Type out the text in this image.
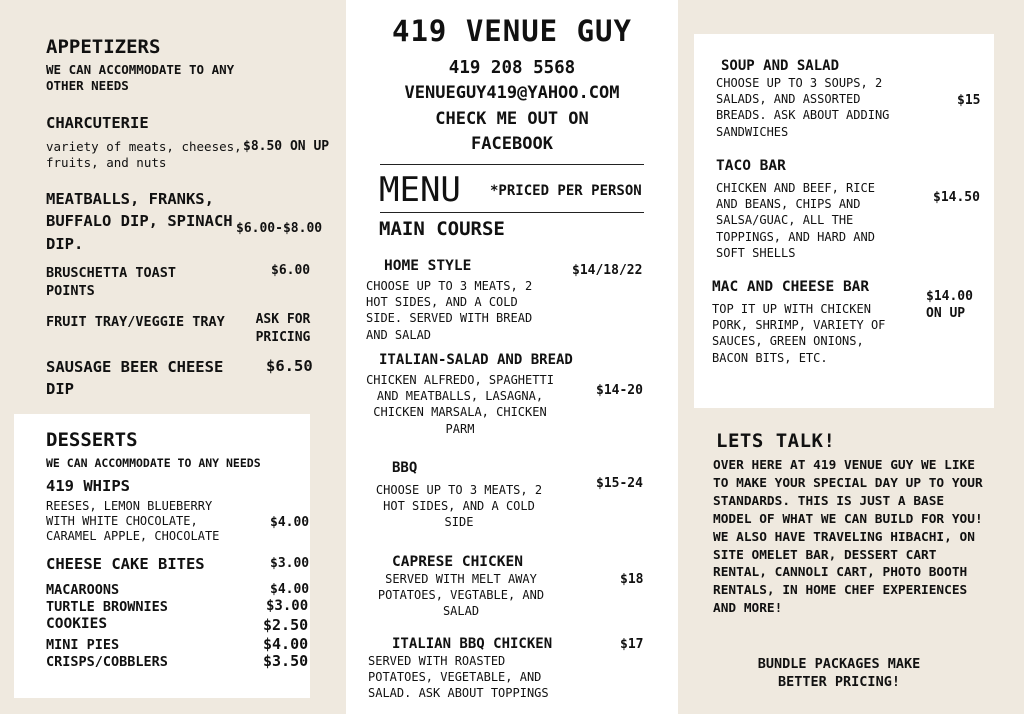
APPETIZERS
WE CAN ACCOMMODATE TO ANY OTHER NEEDS
CHARCUTERIE
variety of meats, cheeses, fruits, and nuts
$8.50 ON UP
MEATBALLS, FRANKS, BUFFALO DIP, SPINACH DIP.
$6.00-$8.00
BRUSCHETTA TOAST POINTS
$6.00
FRUIT TRAY/VEGGIE TRAY	ASK FOR PRICING
SAUSAGE BEER CHEESE DIP
$6.50
DESSERTS
WE CAN ACCOMMODATE TO ANY NEEDS
419 WHIPS
REESES, LEMON BLUEBERRY WITH WHITE CHOCOLATE, CARAMEL APPLE, CHOCOLATE
$4.00
CHEESE CAKE BITES	$3.00
MACAROONS	$4.00
TURTLE BROWNIES	$3.00
COOKIES	$2.50
MINI PIES	$4.00
CRISPS/COBBLERS	$3.50
419 VENUE GUY
419 208 5568
VENUEGUY419@YAHOO.COM
CHECK ME OUT ON FACEBOOK
MENU *PRICED PER PERSON
MAIN COURSE
HOME STYLE	$14/18/22
CHOOSE UP TO 3 MEATS, 2 HOT SIDES, AND A COLD SIDE. SERVED WITH BREAD AND SALAD
ITALIAN-SALAD AND BREAD
CHICKEN ALFREDO, SPAGHETTI AND MEATBALLS, LASAGNA, CHICKEN MARSALA, CHICKEN PARM
$14-20
BBQ
$15-24
CHOOSE UP TO 3 MEATS, 2 HOT SIDES, AND A COLD SIDE
CAPRESE CHICKEN
SERVED WITH MELT AWAY POTATOES, VEGTABLE, AND SALAD
$18
ITALIAN BBQ CHICKEN	$17
SERVED WITH ROASTED POTATOES, VEGETABLE, AND SALAD. ASK ABOUT TOPPINGS
SOUP AND SALAD
CHOOSE UP TO 3 SOUPS, 2 SALADS, AND ASSORTED BREADS. ASK ABOUT ADDING SANDWICHES
$15
TACO BAR
CHICKEN AND BEEF, RICE AND BEANS, CHIPS AND SALSA/GUAC, ALL THE TOPPINGS, AND HARD AND SOFT SHELLS
$14.50
MAC AND CHEESE BAR
TOP IT UP WITH CHICKEN PORK, SHRIMP, VARIETY OF SAUCES, GREEN ONIONS, BACON BITS, ETC.
$14.00 ON UP
LETS TALK!
OVER HERE AT 419 VENUE GUY WE LIKE TO MAKE YOUR SPECIAL DAY UP TO YOUR STANDARDS. THIS IS JUST A BASE MODEL OF WHAT WE CAN BUILD FOR YOU! WE ALSO HAVE TRAVELING HIBACHI, ON SITE OMELET BAR, DESSERT CART RENTAL, CANNOLI CART, PHOTO BOOTH RENTALS, IN HOME CHEF EXPERIENCES AND MORE!
BUNDLE PACKAGES MAKE BETTER PRICING!
